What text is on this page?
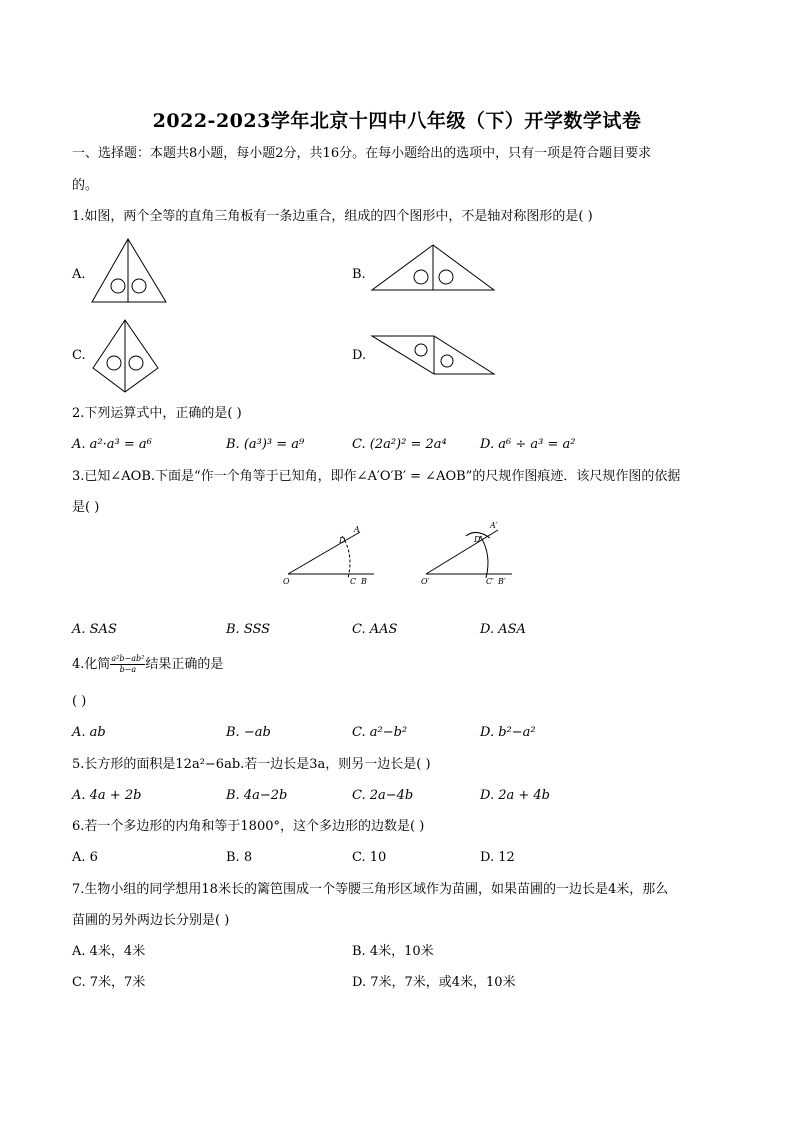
2022-2023学年北京十四中八年级（下）开学数学试卷
一、选择题：本题共8小题，每小题2分，共16分。在每小题给出的选项中，只有一项是符合题目要求
的。
1.如图，两个全等的直角三角板有一条边重合，组成的四个图形中，不是轴对称图形的是( )
A.	B.
C.	D.
2.下列运算式中，正确的是( )
A. a²·a³ = a⁶	B. (a³)³ = a⁹	C. (2a²)² = 2a⁴	D. a⁶ ÷ a³ = a²
3.已知∠AOB.下面是“作一个角等于已知角，即作∠A′O′B′ = ∠AOB”的尺规作图痕迹．该尺规作图的依据
是( )
A
D
O	C B
A′
D′
O′	C′ B′
A. SAS	B. SSS	C. AAS	D. ASA
4.化简 $\frac{\text{a²b−ab²}}{b-a}$ 结果正确的是
( )
A. ab	B. −ab	C. a²−b²	D. b²−a²
5.长方形的面积是12a²−6ab.若一边长是3a，则另一边长是( )
A. 4a + 2b	B. 4a−2b	C. 2a−4b	D. 2a + 4b
6.若一个多边形的内角和等于1800°，这个多边形的边数是( )
A. 6	B. 8	C. 10	D. 12
7.生物小组的同学想用18米长的篱笆围成一个等腰三角形区域作为苗圃，如果苗圃的一边长是4米，那么
苗圃的另外两边长分别是( )
A. 4米，4米	B. 4米，10米
C. 7米，7米	D. 7米，7米，或4米，10米
